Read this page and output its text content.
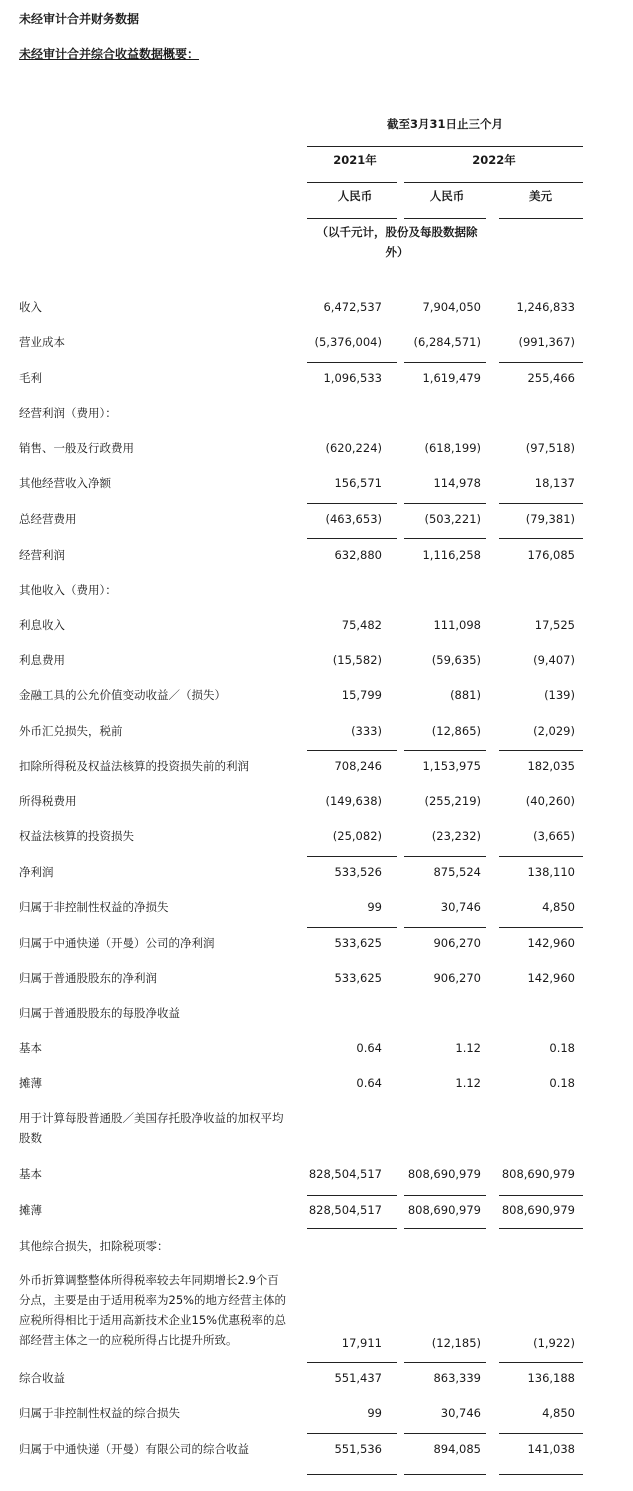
未经审计合并财务数据
未经审计合并综合收益数据概要：
截至3月31日止三个月
2021年	2022年
人民币	人民币	美元
（以千元计，股份及每股数据除外）
收入	6,472,537	7,904,050	1,246,833
营业成本	(5,376,004)	(6,284,571)	(991,367)
毛利	1,096,533	1,619,479	255,466
经营利润（费用）：
销售、一般及行政费用	(620,224)	(618,199)	(97,518)
其他经营收入净额	156,571	114,978	18,137
总经营费用	(463,653)	(503,221)	(79,381)
经营利润	632,880	1,116,258	176,085
其他收入（费用）：
利息收入	75,482	111,098	17,525
利息费用	(15,582)	(59,635)	(9,407)
金融工具的公允价值变动收益／（损失）	15,799	(881)	(139)
外币汇兑损失，税前	(333)	(12,865)	(2,029)
扣除所得税及权益法核算的投资损失前的利润	708,246	1,153,975	182,035
所得税费用	(149,638)	(255,219)	(40,260)
权益法核算的投资损失	(25,082)	(23,232)	(3,665)
净利润	533,526	875,524	138,110
归属于非控制性权益的净损失	99	30,746	4,850
归属于中通快递（开曼）公司的净利润	533,625	906,270	142,960
归属于普通股股东的净利润	533,625	906,270	142,960
归属于普通股股东的每股净收益
基本	0.64	1.12	0.18
摊薄	0.64	1.12	0.18
用于计算每股普通股／美国存托股净收益的加权平均股数
基本	828,504,517	808,690,979	808,690,979
摊薄	828,504,517	808,690,979	808,690,979
其他综合损失，扣除税项零：
外币折算调整整体所得税率较去年同期增长2.9个百分点，主要是由于适用税率为25%的地方经营主体的应税所得相比于适用高新技术企业15%优惠税率的总部经营主体之一的应税所得占比提升所致。	17,911	(12,185)	(1,922)
综合收益	551,437	863,339	136,188
归属于非控制性权益的综合损失	99	30,746	4,850
归属于中通快递（开曼）有限公司的综合收益	551,536	894,085	141,038
